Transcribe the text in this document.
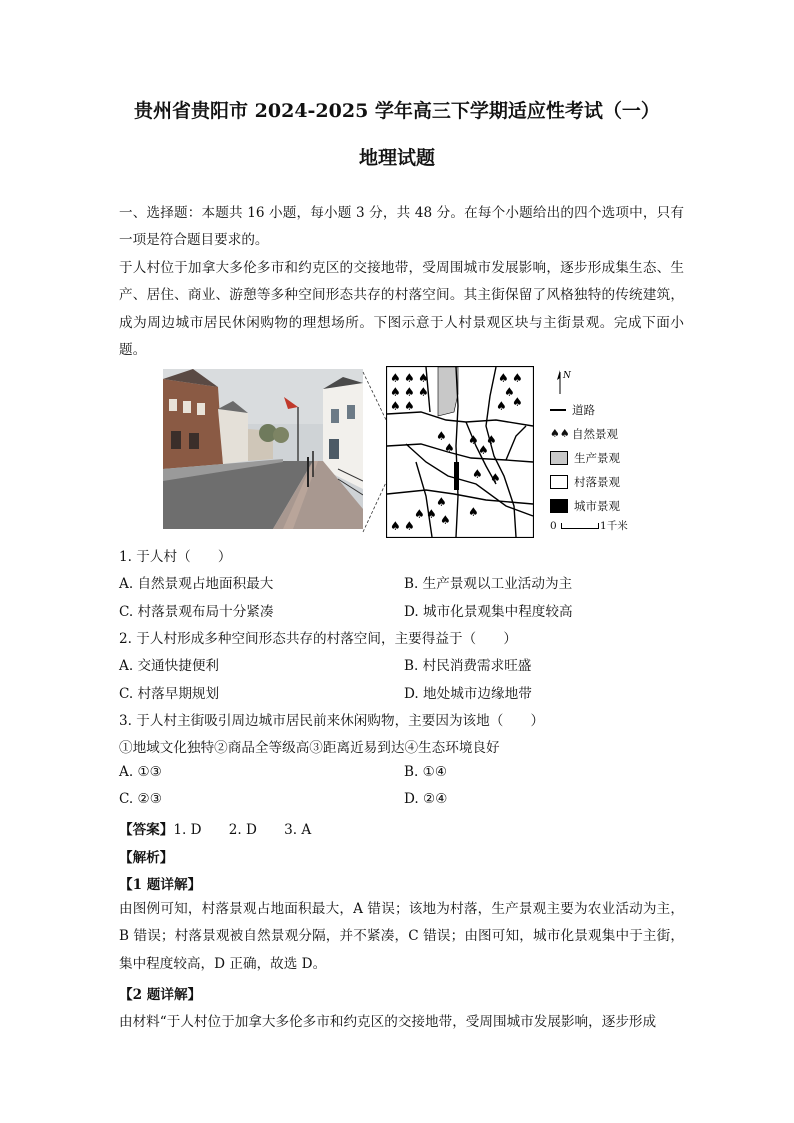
贵州省贵阳市 2024-2025 学年高三下学期适应性考试（一）
地理试题
一、选择题：本题共 16 小题，每小题 3 分，共 48 分。在每个小题给出的四个选项中，只有一项是符合题目要求的。
于人村位于加拿大多伦多市和约克区的交接地带，受周围城市发展影响，逐步形成集生态、生产、居住、商业、游憩等多种空间形态共存的村落空间。其主街保留了风格独特的传统建筑，成为周边城市居民休闲购物的理想场所。下图示意于人村景观区块与主街景观。完成下面小题。
♠ ♠ ♠
♠ ♠ ♠
♠ ♠
♠ ♠
♠
♠ ♠
♠
♠
♠
♠
♠
♠ ♠
♠
♠ ♠
♠ ♠
♠	♠
N
道路
♠♠ 自然景观
生产景观
村落景观
城市景观
0	1千米
1. 于人村（　　）
A. 自然景观占地面积最大	B. 生产景观以工业活动为主
C. 村落景观布局十分紧凑	D. 城市化景观集中程度较高
2. 于人村形成多种空间形态共存的村落空间，主要得益于（　　）
A. 交通快捷便利	B. 村民消费需求旺盛
C. 村落早期规划	D. 地处城市边缘地带
3. 于人村主街吸引周边城市居民前来休闲购物，主要因为该地（　　）
①地域文化独特②商品全等级高③距离近易到达④生态环境良好
A. ①③	B. ①④
C. ②③	D. ②④
【答案】1. D　　2. D　　3. A
【解析】
【1 题详解】
由图例可知，村落景观占地面积最大，A 错误；该地为村落，生产景观主要为农业活动为主，B 错误；村落景观被自然景观分隔，并不紧凑，C 错误；由图可知，城市化景观集中于主街，集中程度较高，D 正确，故选 D。
【2 题详解】
由材料“于人村位于加拿大多伦多市和约克区的交接地带，受周围城市发展影响，逐步形成
